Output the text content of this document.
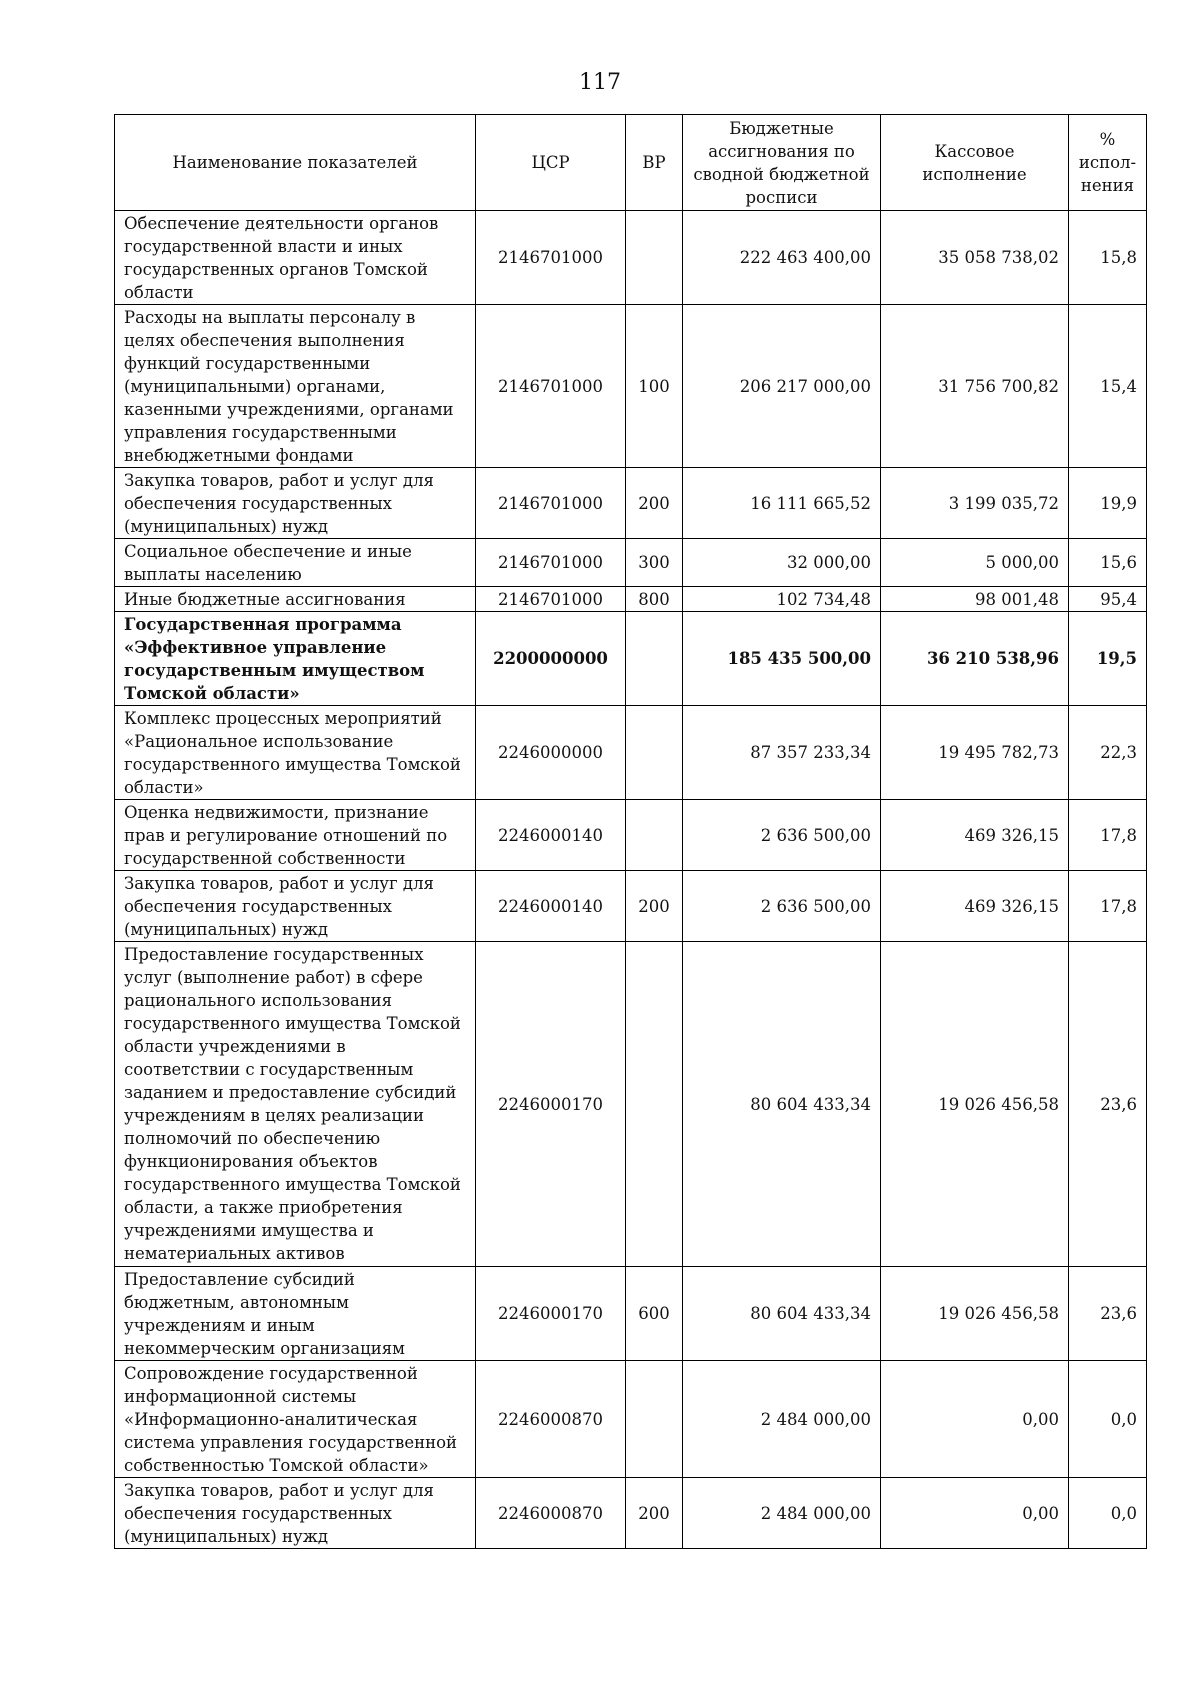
117
Наименование показателей	ЦСР	ВР	Бюджетные ассигнования по сводной бюджетной росписи	Кассовое исполнение	% испол-нения
Обеспечение деятельности органов государственной власти и иных государственных органов Томской области	2146701000		222 463 400,00	35 058 738,02	15,8
Расходы на выплаты персоналу в целях обеспечения выполнения функций государственными (муниципальными) органами, казенными учреждениями, органами управления государственными внебюджетными фондами	2146701000	100	206 217 000,00	31 756 700,82	15,4
Закупка товаров, работ и услуг для обеспечения государственных (муниципальных) нужд	2146701000	200	16 111 665,52	3 199 035,72	19,9
Социальное обеспечение и иные выплаты населению	2146701000	300	32 000,00	5 000,00	15,6
Иные бюджетные ассигнования	2146701000	800	102 734,48	98 001,48	95,4
Государственная программа «Эффективное управление государственным имуществом Томской области»	2200000000		185 435 500,00	36 210 538,96	19,5
Комплекс процессных мероприятий «Рациональное использование государственного имущества Томской области»	2246000000		87 357 233,34	19 495 782,73	22,3
Оценка недвижимости, признание прав и регулирование отношений по государственной собственности	2246000140		2 636 500,00	469 326,15	17,8
Закупка товаров, работ и услуг для обеспечения государственных (муниципальных) нужд	2246000140	200	2 636 500,00	469 326,15	17,8
Предоставление государственных услуг (выполнение работ) в сфере рационального использования государственного имущества Томской области учреждениями в соответствии с государственным заданием и предоставление субсидий учреждениям в целях реализации полномочий по обеспечению функционирования объектов государственного имущества Томской области, а также приобретения учреждениями имущества и нематериальных активов	2246000170		80 604 433,34	19 026 456,58	23,6
Предоставление субсидий бюджетным, автономным учреждениям и иным некоммерческим организациям	2246000170	600	80 604 433,34	19 026 456,58	23,6
Сопровождение государственной информационной системы «Информационно-аналитическая система управления государственной собственностью Томской области»	2246000870		2 484 000,00	0,00	0,0
Закупка товаров, работ и услуг для обеспечения государственных (муниципальных) нужд	2246000870	200	2 484 000,00	0,00	0,0
